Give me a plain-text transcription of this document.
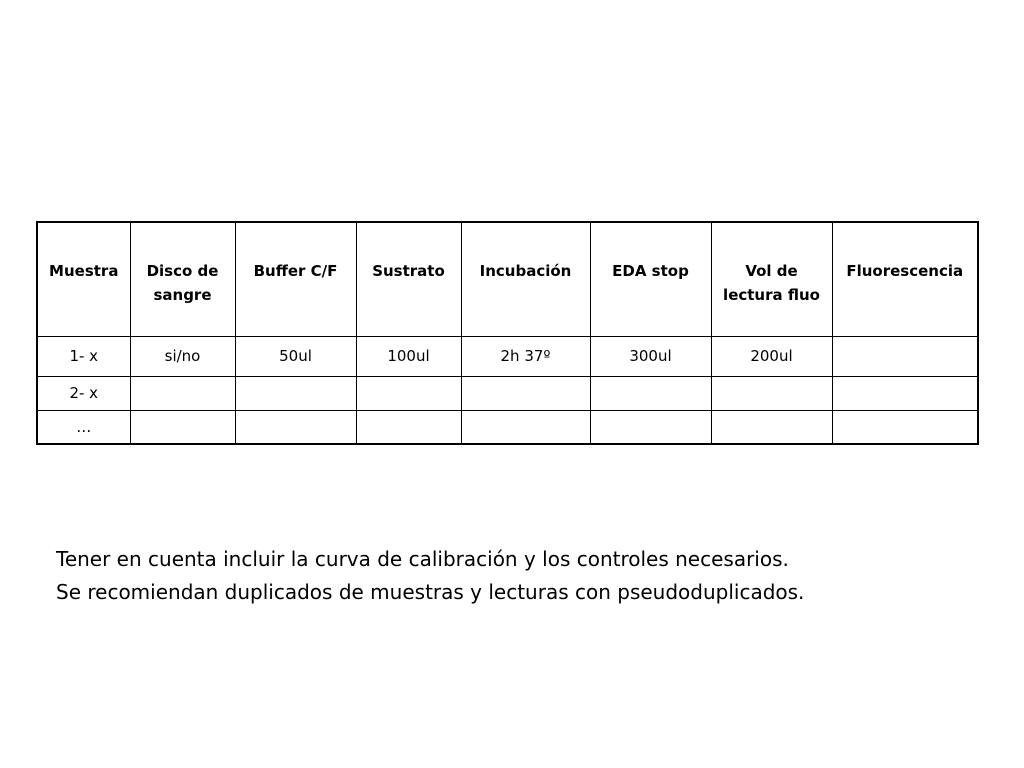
Muestra	Disco de sangre	Buffer C/F	Sustrato	Incubación	EDA stop	Vol de lectura fluo	Fluorescencia
1- x	si/no	50ul	100ul	2h 37º	300ul	200ul	
2- x							
…							

Tener en cuenta incluir la curva de calibración y los controles necesarios.

Se recomiendan duplicados de muestras y lecturas con pseudoduplicados.
